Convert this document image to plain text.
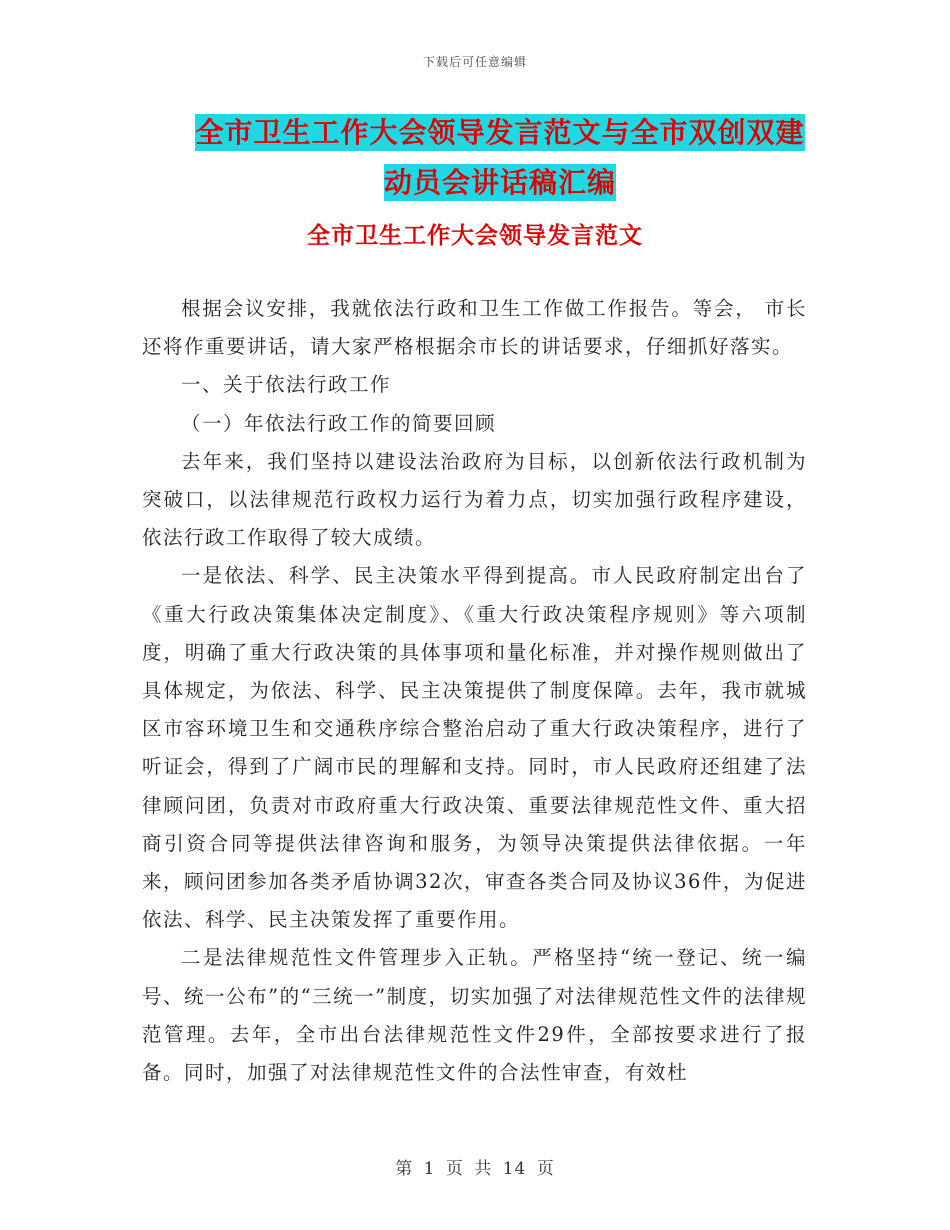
下载后可任意编辑
全市卫生工作大会领导发言范文与全市双创双建动员会讲话稿汇编
全市卫生工作大会领导发言范文

根据会议安排，我就依法行政和卫生工作做工作报告。等会， 市长还将作重要讲话，请大家严格根据余市长的讲话要求，仔细抓好落实。

一、关于依法行政工作

（一）年依法行政工作的简要回顾

去年来，我们坚持以建设法治政府为目标，以创新依法行政机制为突破口，以法律规范行政权力运行为着力点，切实加强行政程序建设，依法行政工作取得了较大成绩。

一是依法、科学、民主决策水平得到提高。市人民政府制定出台了《重大行政决策集体决定制度》、《重大行政决策程序规则》等六项制度，明确了重大行政决策的具体事项和量化标准，并对操作规则做出了具体规定，为依法、科学、民主决策提供了制度保障。去年，我市就城区市容环境卫生和交通秩序综合整治启动了重大行政决策程序，进行了听证会，得到了广阔市民的理解和支持。同时，市人民政府还组建了法律顾问团，负责对市政府重大行政决策、重要法律规范性文件、重大招商引资合同等提供法律咨询和服务，为领导决策提供法律依据。一年来，顾问团参加各类矛盾协调32次，审查各类合同及协议36件，为促进依法、科学、民主决策发挥了重要作用。

二是法律规范性文件管理步入正轨。严格坚持“统一登记、统一编号、统一公布”的“三统一”制度，切实加强了对法律规范性文件的法律规范管理。去年，全市出台法律规范性文件29件，全部按要求进行了报备。同时，加强了对法律规范性文件的合法性审查，有效杜

第 1 页 共 14 页
